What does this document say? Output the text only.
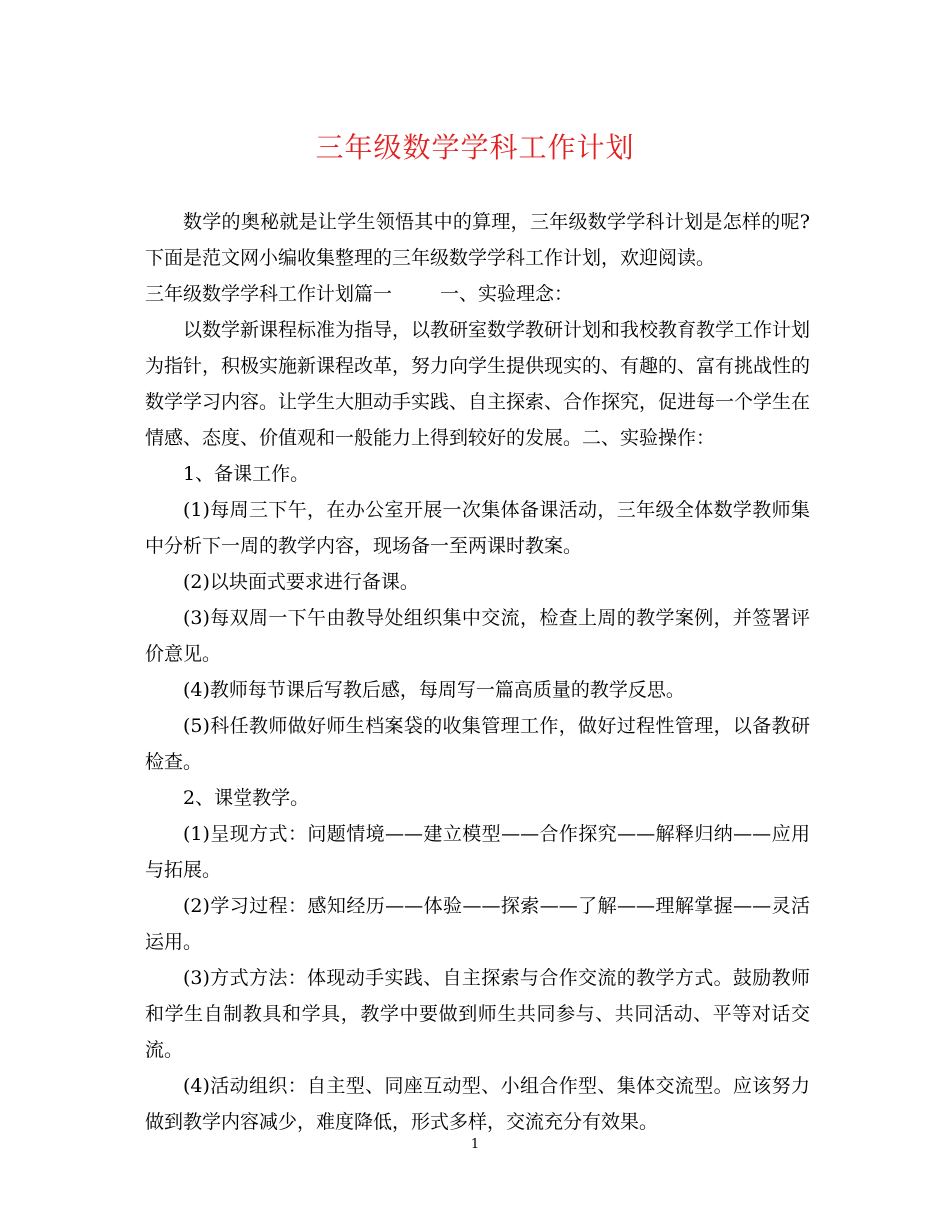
三年级数学学科工作计划

数学的奥秘就是让学生领悟其中的算理，三年级数学学科计划是怎样的呢?下面是范文网小编收集整理的三年级数学学科工作计划，欢迎阅读。

三年级数学学科工作计划篇一	一、实验理念：

以数学新课程标准为指导，以教研室数学教研计划和我校教育教学工作计划为指针，积极实施新课程改革，努力向学生提供现实的、有趣的、富有挑战性的数学学习内容。让学生大胆动手实践、自主探索、合作探究，促进每一个学生在情感、态度、价值观和一般能力上得到较好的发展。二、实验操作：

1、备课工作。

(1)每周三下午，在办公室开展一次集体备课活动，三年级全体数学教师集中分析下一周的教学内容，现场备一至两课时教案。

(2)以块面式要求进行备课。

(3)每双周一下午由教导处组织集中交流，检查上周的教学案例，并签署评价意见。

(4)教师每节课后写教后感，每周写一篇高质量的教学反思。

(5)科任教师做好师生档案袋的收集管理工作，做好过程性管理，以备教研检查。

2、课堂教学。

(1)呈现方式：问题情境——建立模型——合作探究——解释归纳——应用与拓展。

(2)学习过程：感知经历——体验——探索——了解——理解掌握——灵活运用。

(3)方式方法：体现动手实践、自主探索与合作交流的教学方式。鼓励教师和学生自制教具和学具，教学中要做到师生共同参与、共同活动、平等对话交流。

(4)活动组织：自主型、同座互动型、小组合作型、集体交流型。应该努力做到教学内容减少，难度降低，形式多样，交流充分有效果。

1
